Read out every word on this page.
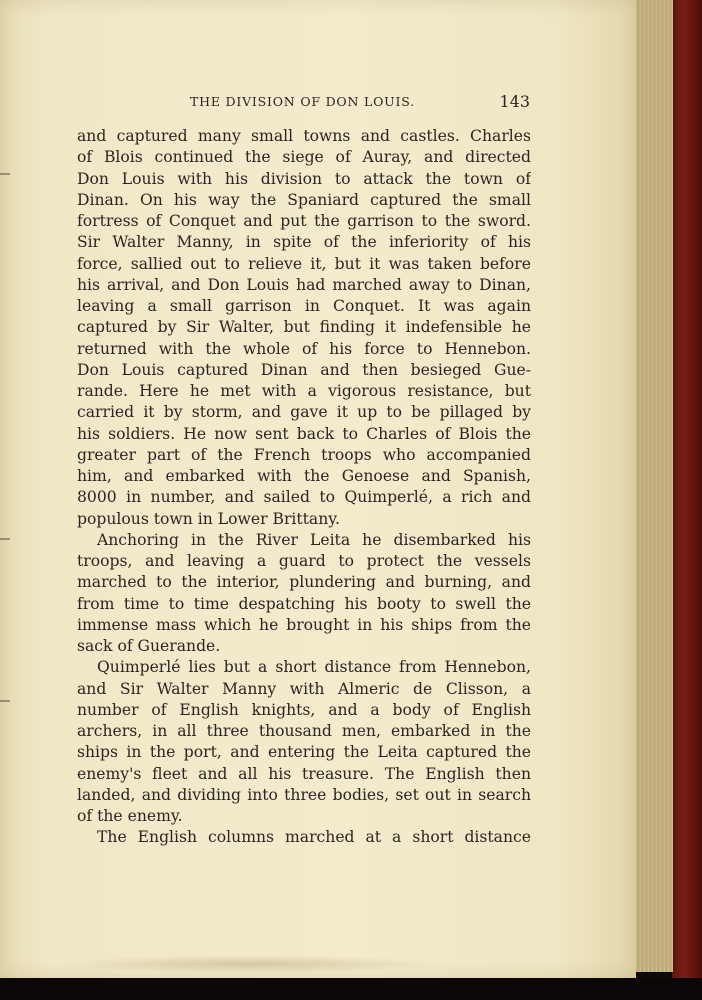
THE DIVISION OF DON LOUIS.	143
and captured many small towns and castles. Charles
of Blois continued the siege of Auray, and directed
Don Louis with his division to attack the town of
Dinan. On his way the Spaniard captured the small
fortress of Conquet and put the garrison to the sword.
Sir Walter Manny, in spite of the inferiority of his
force, sallied out to relieve it, but it was taken before
his arrival, and Don Louis had marched away to Dinan,
leaving a small garrison in Conquet. It was again
captured by Sir Walter, but finding it indefensible he
returned with the whole of his force to Hennebon.
Don Louis captured Dinan and then besieged Gue-
rande. Here he met with a vigorous resistance, but
carried it by storm, and gave it up to be pillaged by
his soldiers. He now sent back to Charles of Blois the
greater part of the French troops who accompanied
him, and embarked with the Genoese and Spanish,
8000 in number, and sailed to Quimperlé, a rich and
populous town in Lower Brittany.
Anchoring in the River Leita he disembarked his
troops, and leaving a guard to protect the vessels
marched to the interior, plundering and burning, and
from time to time despatching his booty to swell the
immense mass which he brought in his ships from the
sack of Guerande.
Quimperlé lies but a short distance from Hennebon,
and Sir Walter Manny with Almeric de Clisson, a
number of English knights, and a body of English
archers, in all three thousand men, embarked in the
ships in the port, and entering the Leita captured the
enemy's fleet and all his treasure. The English then
landed, and dividing into three bodies, set out in search
of the enemy.
The English columns marched at a short distance
